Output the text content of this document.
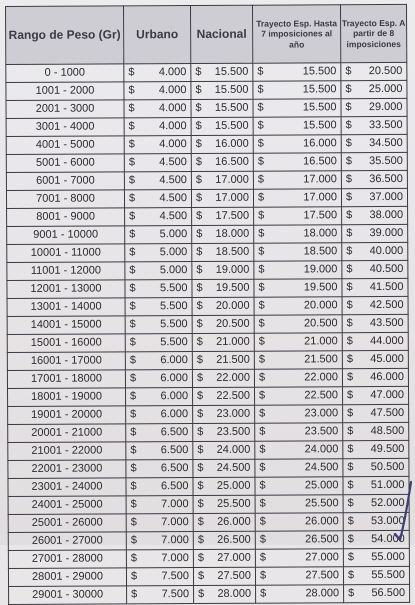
Rango de Peso (Gr)	Urbano	Nacional	Trayecto Esp. Hasta 7 imposiciones al año	Trayecto Esp. A partir de 8 imposiciones
0 - 1000	$ 4.000	$ 15.500	$ 15.500	$ 20.500

1001 - 2000	$ 4.000	$ 15.500	$ 15.500	$ 25.000

2001 - 3000	$ 4.000	$ 15.500	$ 15.500	$ 29.000

3001 - 4000	$ 4.000	$ 15.500	$ 15.500	$ 33.500

4001 - 5000	$ 4.000	$ 16.000	$ 16.000	$ 34.500

5001 - 6000	$ 4.500	$ 16.500	$ 16.500	$ 35.500

6001 - 7000	$ 4.500	$ 17.000	$ 17.000	$ 36.500

7001 - 8000	$ 4.500	$ 17.000	$ 17.000	$ 37.000

8001 - 9000	$ 4.500	$ 17.500	$ 17.500	$ 38.000

9001 - 10000	$ 5.000	$ 18.000	$ 18.000	$ 39.000

10001 - 11000	$ 5.000	$ 18.500	$ 18.500	$ 40.000

11001 - 12000	$ 5.000	$ 19.000	$ 19.000	$ 40.500

12001 - 13000	$ 5.500	$ 19.500	$ 19.500	$ 41.500

13001 - 14000	$ 5.500	$ 20.000	$ 20.000	$ 42.500

14001 - 15000	$ 5.500	$ 20.500	$ 20.500	$ 43.500

15001 - 16000	$ 5.500	$ 21.000	$ 21.000	$ 44.000

16001 - 17000	$ 6.000	$ 21.500	$ 21.500	$ 45.000

17001 - 18000	$ 6.000	$ 22.000	$ 22.000	$ 46.000

18001 - 19000	$ 6.000	$ 22.500	$ 22.500	$ 47.000

19001 - 20000	$ 6.000	$ 23.000	$ 23.000	$ 47.500

20001 - 21000	$ 6.500	$ 23.500	$ 23.500	$ 48.500

21001 - 22000	$ 6.500	$ 24.000	$ 24.000	$ 49.500

22001 - 23000	$ 6.500	$ 24.500	$ 24.500	$ 50.500

23001 - 24000	$ 6.500	$ 25.000	$ 25.000	$ 51.000

24001 - 25000	$ 7.000	$ 25.500	$ 25.500	$ 52.000

25001 - 26000	$ 7.000	$ 26.000	$ 26.000	$ 53.000

26001 - 27000	$ 7.000	$ 26.500	$ 26.500	$ 54.000

27001 - 28000	$ 7.000	$ 27.000	$ 27.000	$ 55.000

28001 - 29000	$ 7.500	$ 27.500	$ 27.500	$ 55.500

29001 - 30000	$ 7.500	$ 28.000	$ 28.000	$ 56.500
